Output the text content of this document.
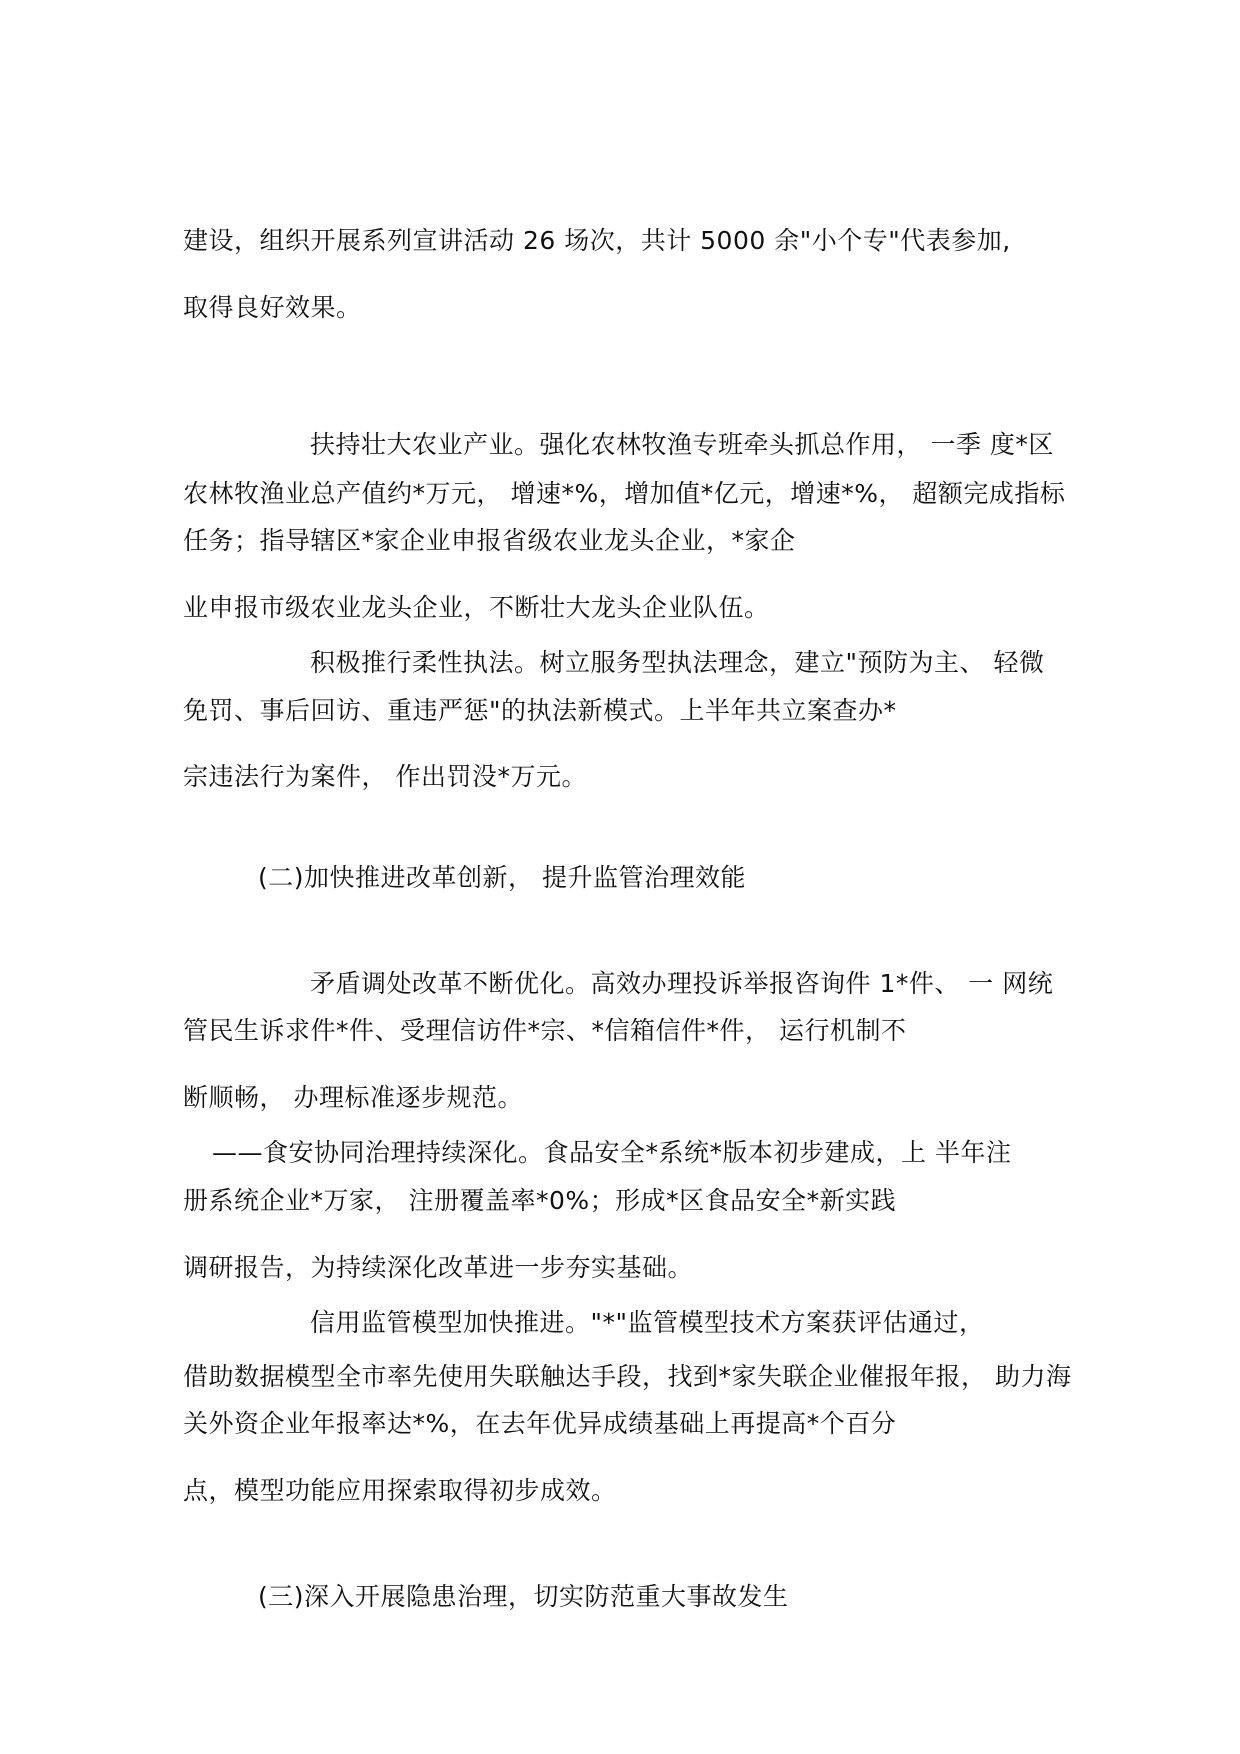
建设，组织开展系列宣讲活动 26 场次，共计 5000 余"小个专"代表参加,
取得良好效果。
扶持壮大农业产业。强化农林牧渔专班牵头抓总作用， 一季 度*区
农林牧渔业总产值约*万元， 增速*%，增加值*亿元，增速*%， 超额完成指标
任务；指导辖区*家企业申报省级农业龙头企业，*家企
业申报市级农业龙头企业，不断壮大龙头企业队伍。
积极推行柔性执法。树立服务型执法理念，建立"预防为主、 轻微
免罚、事后回访、重违严惩"的执法新模式。上半年共立案查办*
宗违法行为案件， 作出罚没*万元。
(二)加快推进改革创新， 提升监管治理效能
矛盾调处改革不断优化。高效办理投诉举报咨询件 1*件、 一 网统
管民生诉求件*件、受理信访件*宗、*信箱信件*件， 运行机制不
断顺畅， 办理标准逐步规范。
——食安协同治理持续深化。食品安全*系统*版本初步建成，上 半年注
册系统企业*万家， 注册覆盖率*0%；形成*区食品安全*新实践
调研报告，为持续深化改革进一步夯实基础。
信用监管模型加快推进。"*"监管模型技术方案获评估通过，
借助数据模型全市率先使用失联触达手段，找到*家失联企业催报年报， 助力海
关外资企业年报率达*%，在去年优异成绩基础上再提高*个百分
点，模型功能应用探索取得初步成效。
(三)深入开展隐患治理，切实防范重大事故发生
